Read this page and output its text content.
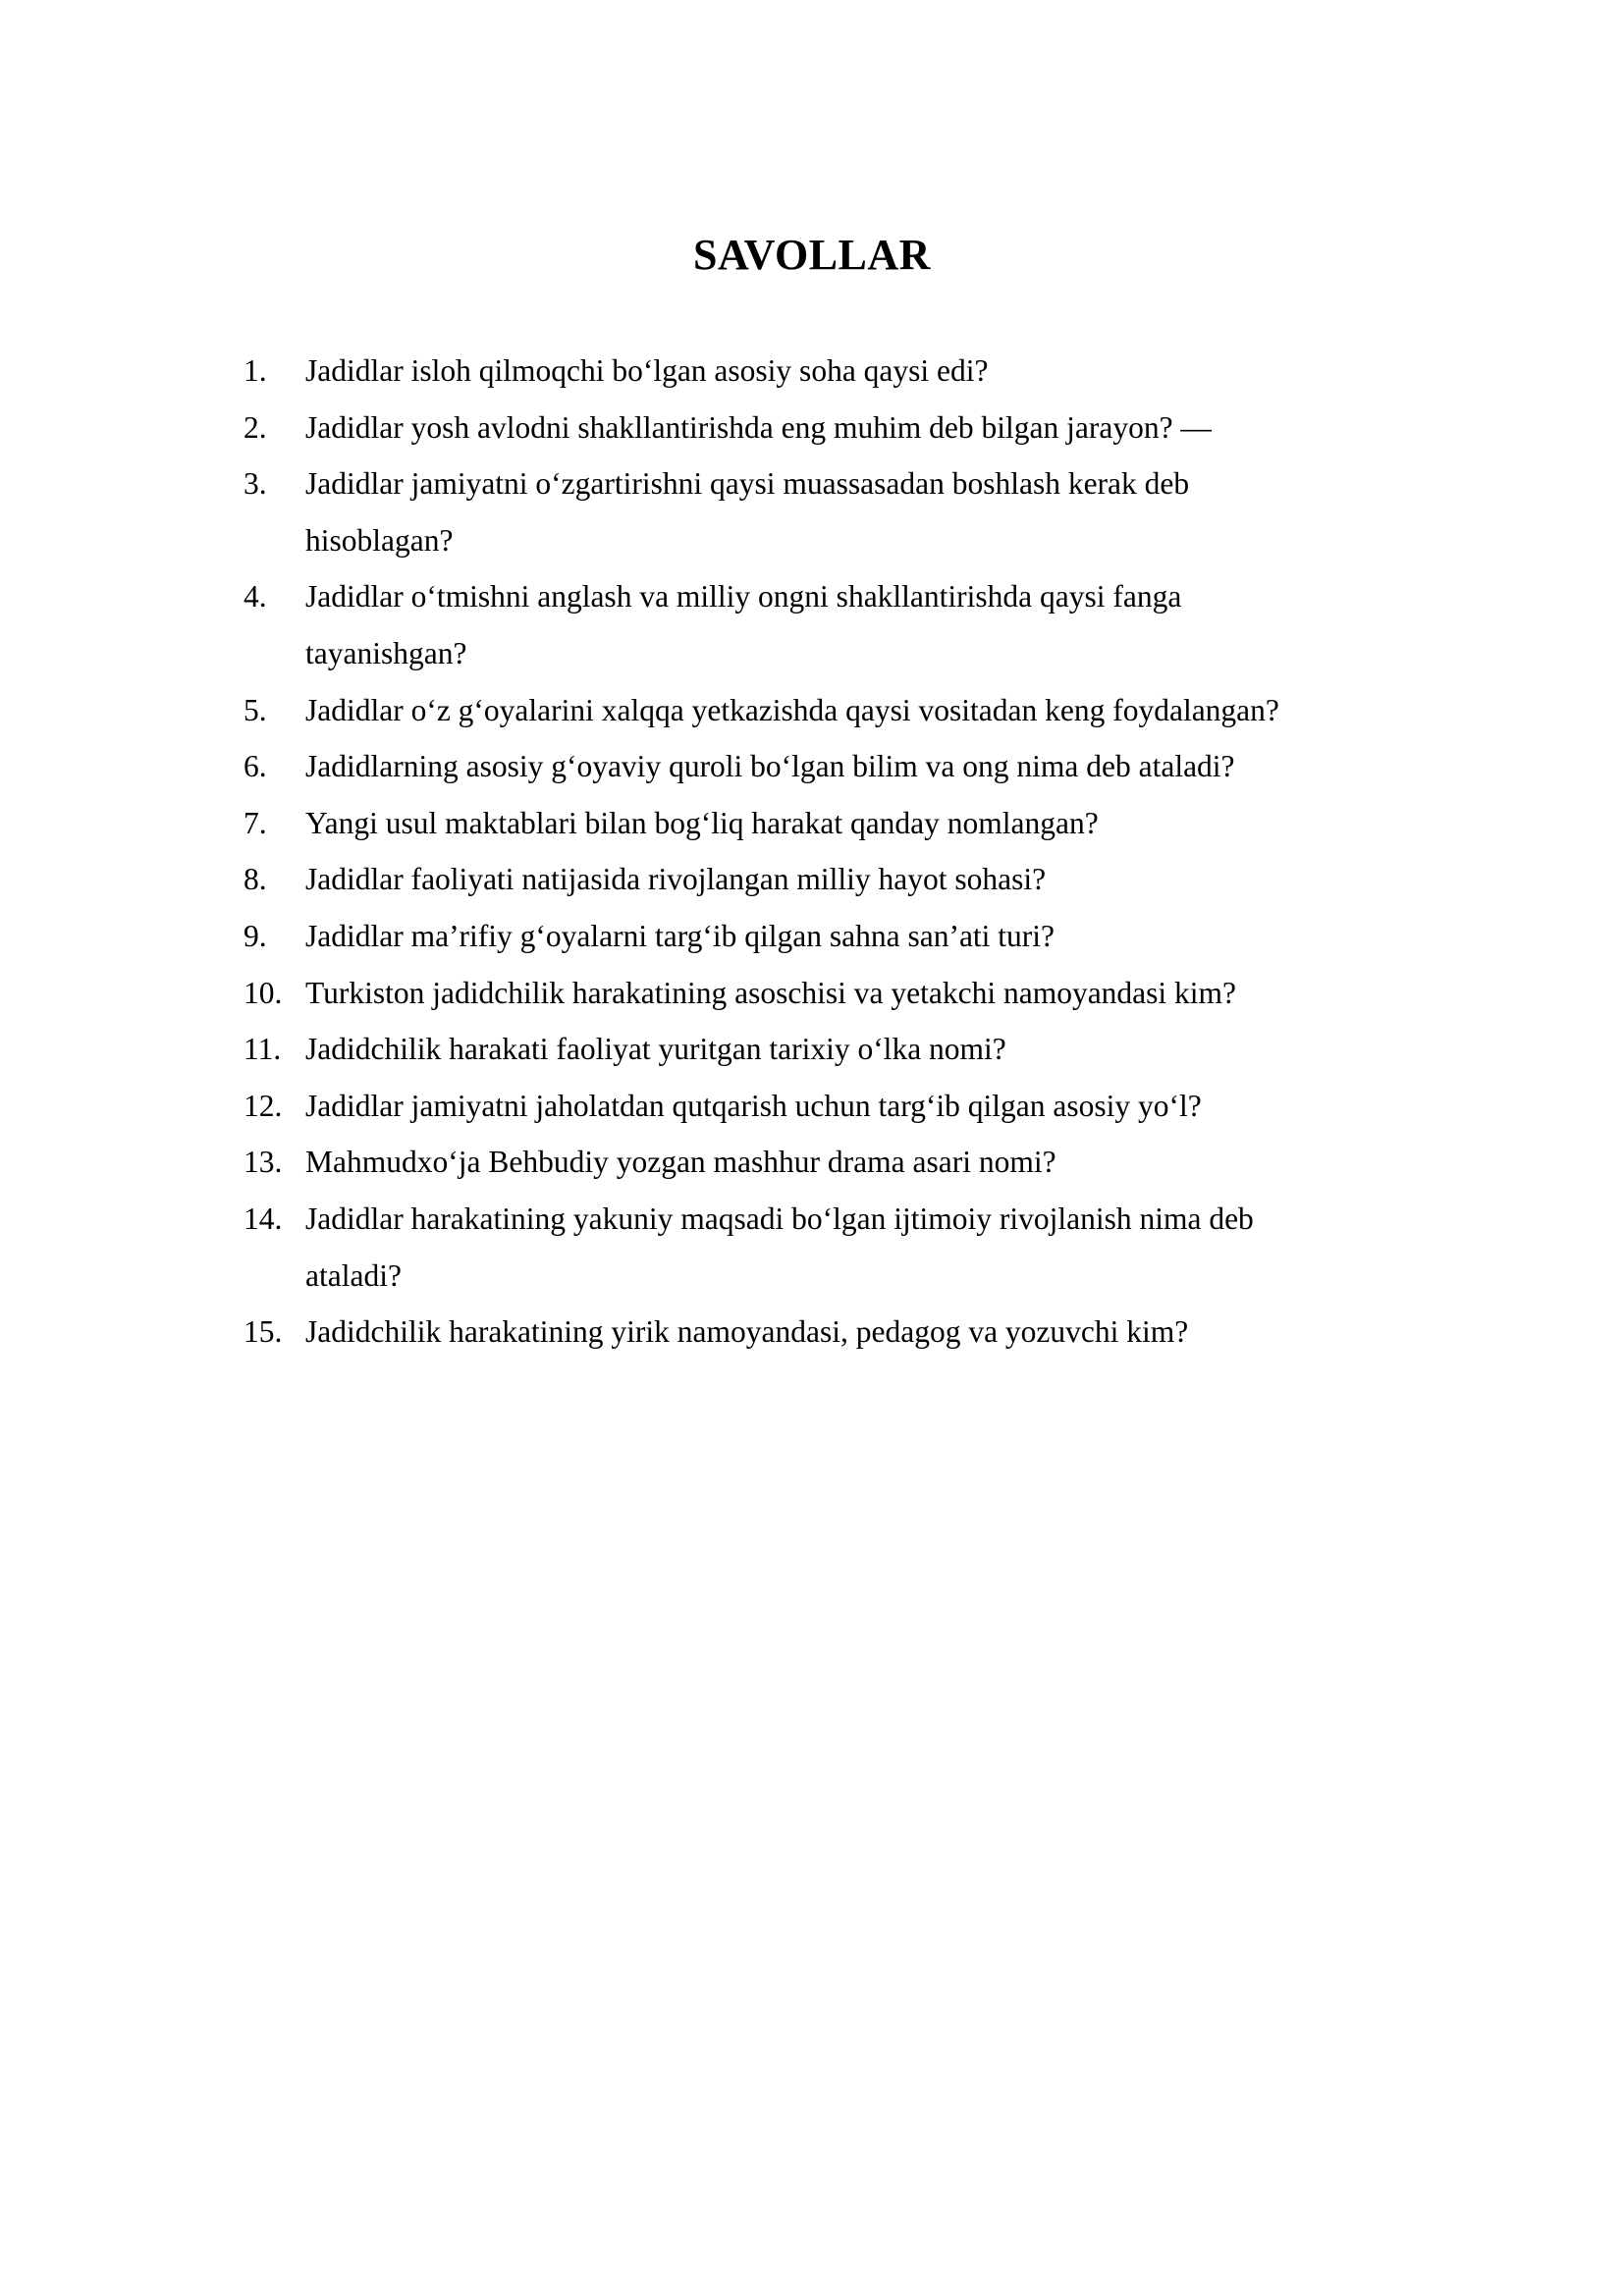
SAVOLLAR
1.	Jadidlar isloh qilmoqchi bo‘lgan asosiy soha qaysi edi?
2.	Jadidlar yosh avlodni shakllantirishda eng muhim deb bilgan jarayon? —
3.	Jadidlar jamiyatni o‘zgartirishni qaysi muassasadan boshlash kerak deb
hisoblagan?
4.	Jadidlar o‘tmishni anglash va milliy ongni shakllantirishda qaysi fanga
tayanishgan?
5.	Jadidlar o‘z g‘oyalarini xalqqa yetkazishda qaysi vositadan keng foydalangan?
6.	Jadidlarning asosiy g‘oyaviy quroli bo‘lgan bilim va ong nima deb ataladi?
7.	Yangi usul maktablari bilan bog‘liq harakat qanday nomlangan?
8.	Jadidlar faoliyati natijasida rivojlangan milliy hayot sohasi?
9.	Jadidlar ma’rifiy g‘oyalarni targ‘ib qilgan sahna san’ati turi?
10. Turkiston jadidchilik harakatining asoschisi va yetakchi namoyandasi kim?
11. Jadidchilik harakati faoliyat yuritgan tarixiy o‘lka nomi?
12. Jadidlar jamiyatni jaholatdan qutqarish uchun targ‘ib qilgan asosiy yo‘l?
13. Mahmudxo‘ja Behbudiy yozgan mashhur drama asari nomi?
14. Jadidlar harakatining yakuniy maqsadi bo‘lgan ijtimoiy rivojlanish nima deb
ataladi?
15. Jadidchilik harakatining yirik namoyandasi, pedagog va yozuvchi kim?
